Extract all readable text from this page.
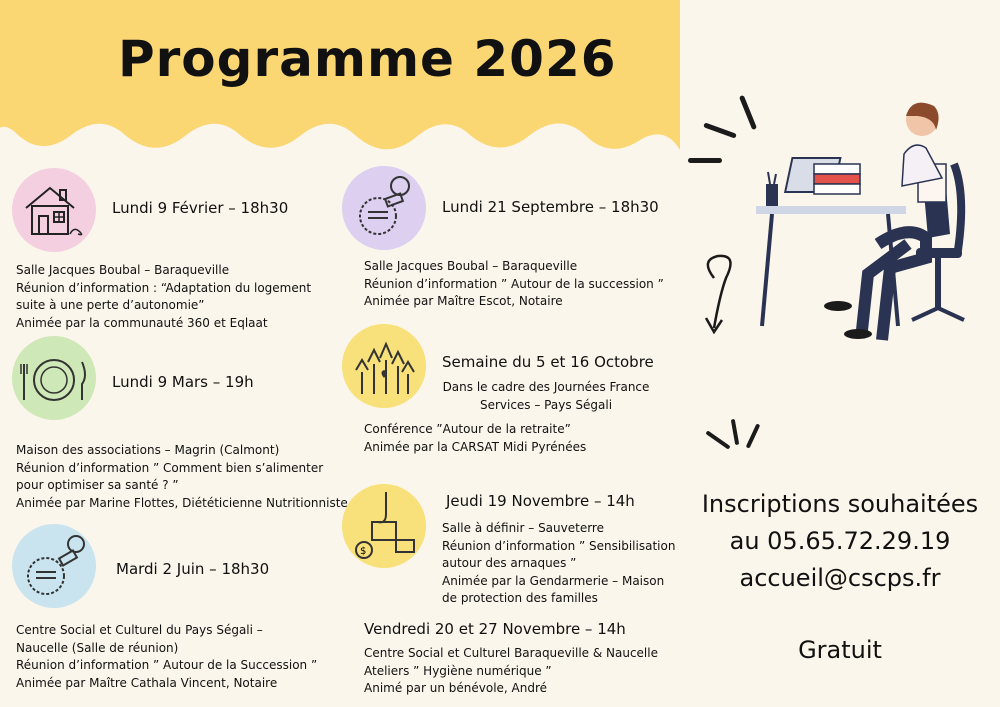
Programme 2026
Lundi 9 Février – 18h30
Salle Jacques Boubal – Baraqueville
Réunion d’information : “Adaptation du logement
suite à une perte d’autonomie”
Animée par la communauté 360 et Eqlaat
Lundi 9 Mars – 19h
Maison des associations – Magrin (Calmont)
Réunion d’information ” Comment bien s’alimenter
pour optimiser sa santé ? ”
Animée par Marine Flottes, Diététicienne Nutritionniste
Mardi 2 Juin – 18h30
Centre Social et Culturel du Pays Ségali –
Naucelle (Salle de réunion)
Réunion d’information ” Autour de la Succession ”
Animée par Maître Cathala Vincent, Notaire
Lundi 21 Septembre – 18h30
Salle Jacques Boubal – Baraqueville
Réunion d’information ” Autour de la succession ”
Animée par Maître Escot, Notaire
Semaine du 5 et 16 Octobre
Dans le cadre des Journées France
Services – Pays Ségali
Conférence ”Autour de la retraite”
Animée par la CARSAT Midi Pyrénées
$
Jeudi 19 Novembre – 14h
Salle à définir – Sauveterre
Réunion d’information ” Sensibilisation
autour des arnaques ”
Animée par la Gendarmerie – Maison
de protection des familles
Vendredi 20 et 27 Novembre – 14h
Centre Social et Culturel Baraqueville & Naucelle
Ateliers ” Hygiène numérique ”
Animé par un bénévole, André
Inscriptions souhaitées
au 05.65.72.29.19
accueil@cscps.fr
Gratuit
